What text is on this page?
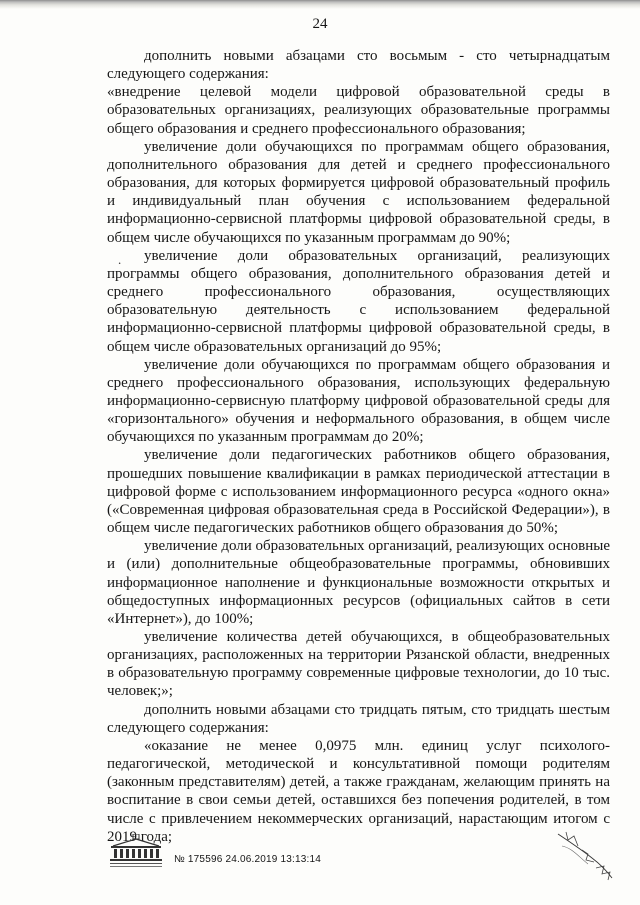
24

дополнить новыми абзацами сто восьмым - сто четырнадцатым следующего содержания:

«внедрение целевой модели цифровой образовательной среды в образовательных организациях, реализующих образовательные программы общего образования и среднего профессионального образования;

увеличение доли обучающихся по программам общего образования, дополнительного образования для детей и среднего профессионального образования, для которых формируется цифровой образовательный профиль и индивидуальный план обучения с использованием федеральной информационно-сервисной платформы цифровой образовательной среды, в общем числе обучающихся по указанным программам до 90%;

увеличение доли образовательных организаций, реализующих программы общего образования, дополнительного образования детей и среднего профессионального образования, осуществляющих образовательную деятельность с использованием федеральной информационно-сервисной платформы цифровой образовательной среды, в общем числе образовательных организаций до 95%;

увеличение доли обучающихся по программам общего образования и среднего профессионального образования, использующих федеральную информационно-сервисную платформу цифровой образовательной среды для «горизонтального» обучения и неформального образования, в общем числе обучающихся по указанным программам до 20%;

увеличение доли педагогических работников общего образования, прошедших повышение квалификации в рамках периодической аттестации в цифровой форме с использованием информационного ресурса «одного окна» («Современная цифровая образовательная среда в Российской Федерации»), в общем числе педагогических работников общего образования до 50%;

увеличение доли образовательных организаций, реализующих основные и (или) дополнительные общеобразовательные программы, обновивших информационное наполнение и функциональные возможности открытых и общедоступных информационных ресурсов (официальных сайтов в сети «Интернет»), до 100%;

увеличение количества детей обучающихся, в общеобразовательных организациях, расположенных на территории Рязанской области, внедренных в образовательную программу современные цифровые технологии, до 10 тыс. человек;»;

дополнить новыми абзацами сто тридцать пятым, сто тридцать шестым следующего содержания:

«оказание не менее 0,0975 млн. единиц услуг психолого-педагогической, методической и консультативной помощи родителям (законным представителям) детей, а также гражданам, желающим принять на воспитание в свои семьи детей, оставшихся без попечения родителей, в том числе с привлечением некоммерческих организаций, нарастающим итогом с 2019 года;

.
№ 175596 24.06.2019 13:13:14
